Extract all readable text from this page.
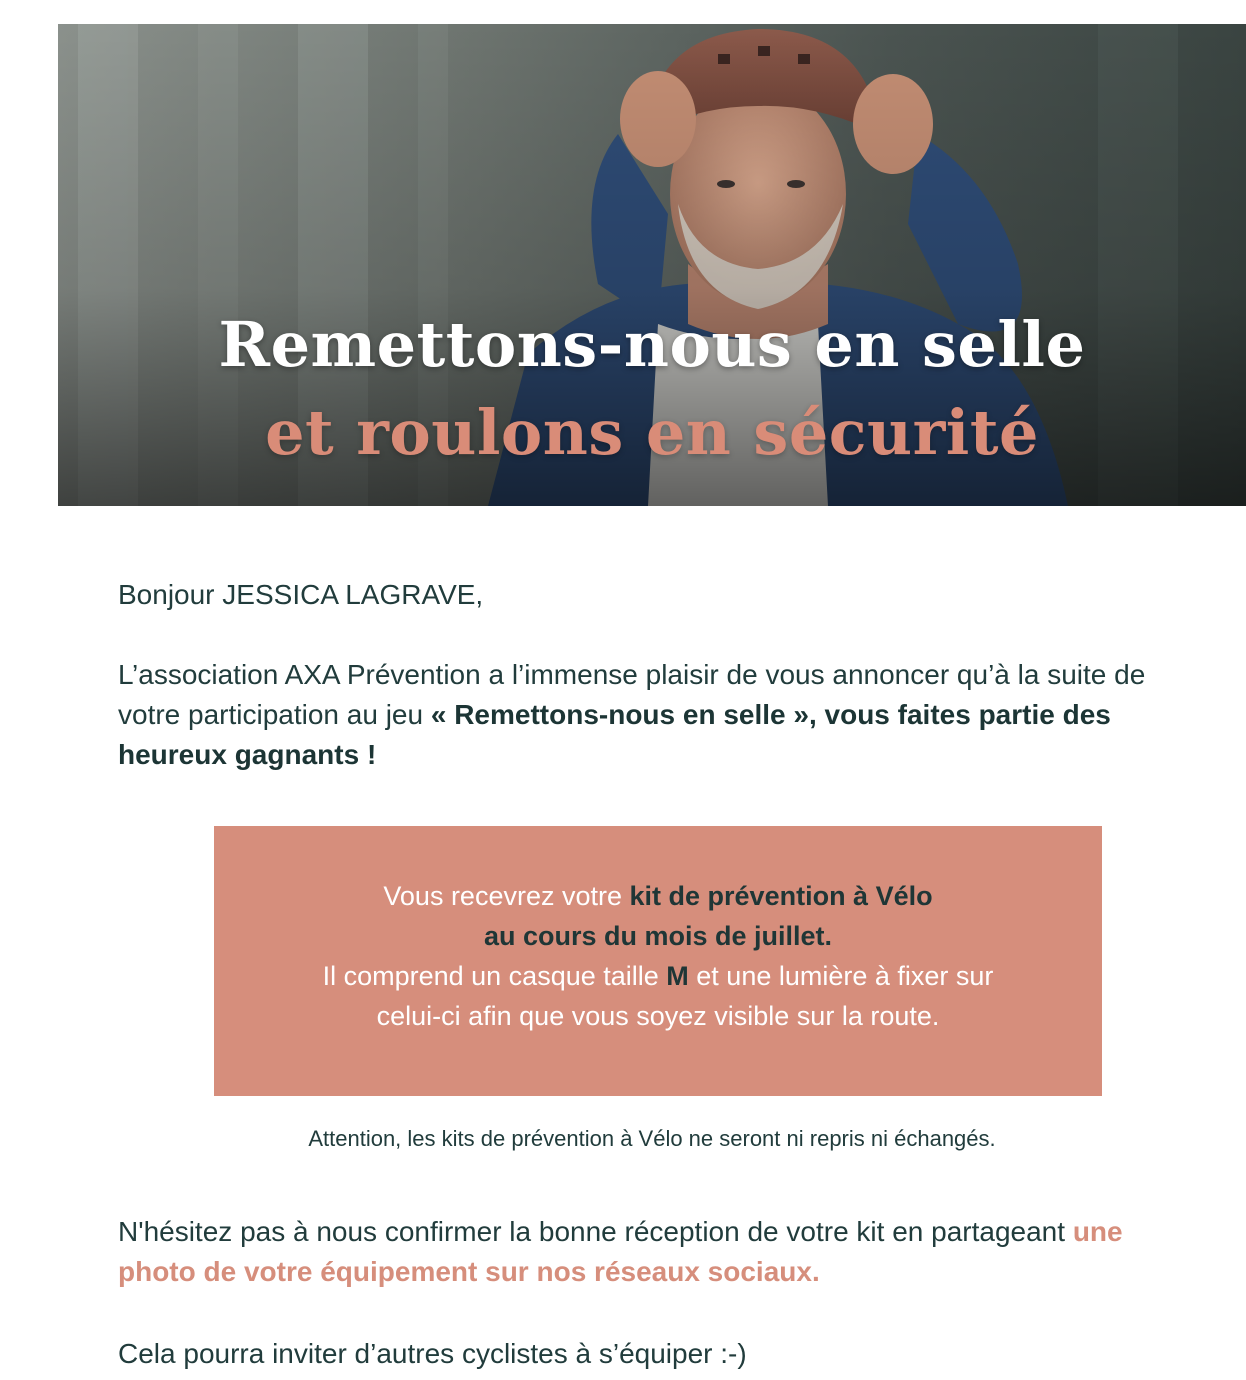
Remettons-nous en selle
et roulons en sécurité

Bonjour JESSICA LAGRAVE,

L’association AXA Prévention a l’immense plaisir de vous annoncer qu’à la suite de votre participation au jeu « Remettons-nous en selle », vous faites partie des heureux gagnants !

Vous recevrez votre kit de prévention à Vélo
au cours du mois de juillet.
Il comprend un casque taille M et une lumière à fixer sur
celui-ci afin que vous soyez visible sur la route.

Attention, les kits de prévention à Vélo ne seront ni repris ni échangés.

N'hésitez pas à nous confirmer la bonne réception de votre kit en partageant une photo de votre équipement sur nos réseaux sociaux.

Cela pourra inviter d’autres cyclistes à s’équiper :-)
